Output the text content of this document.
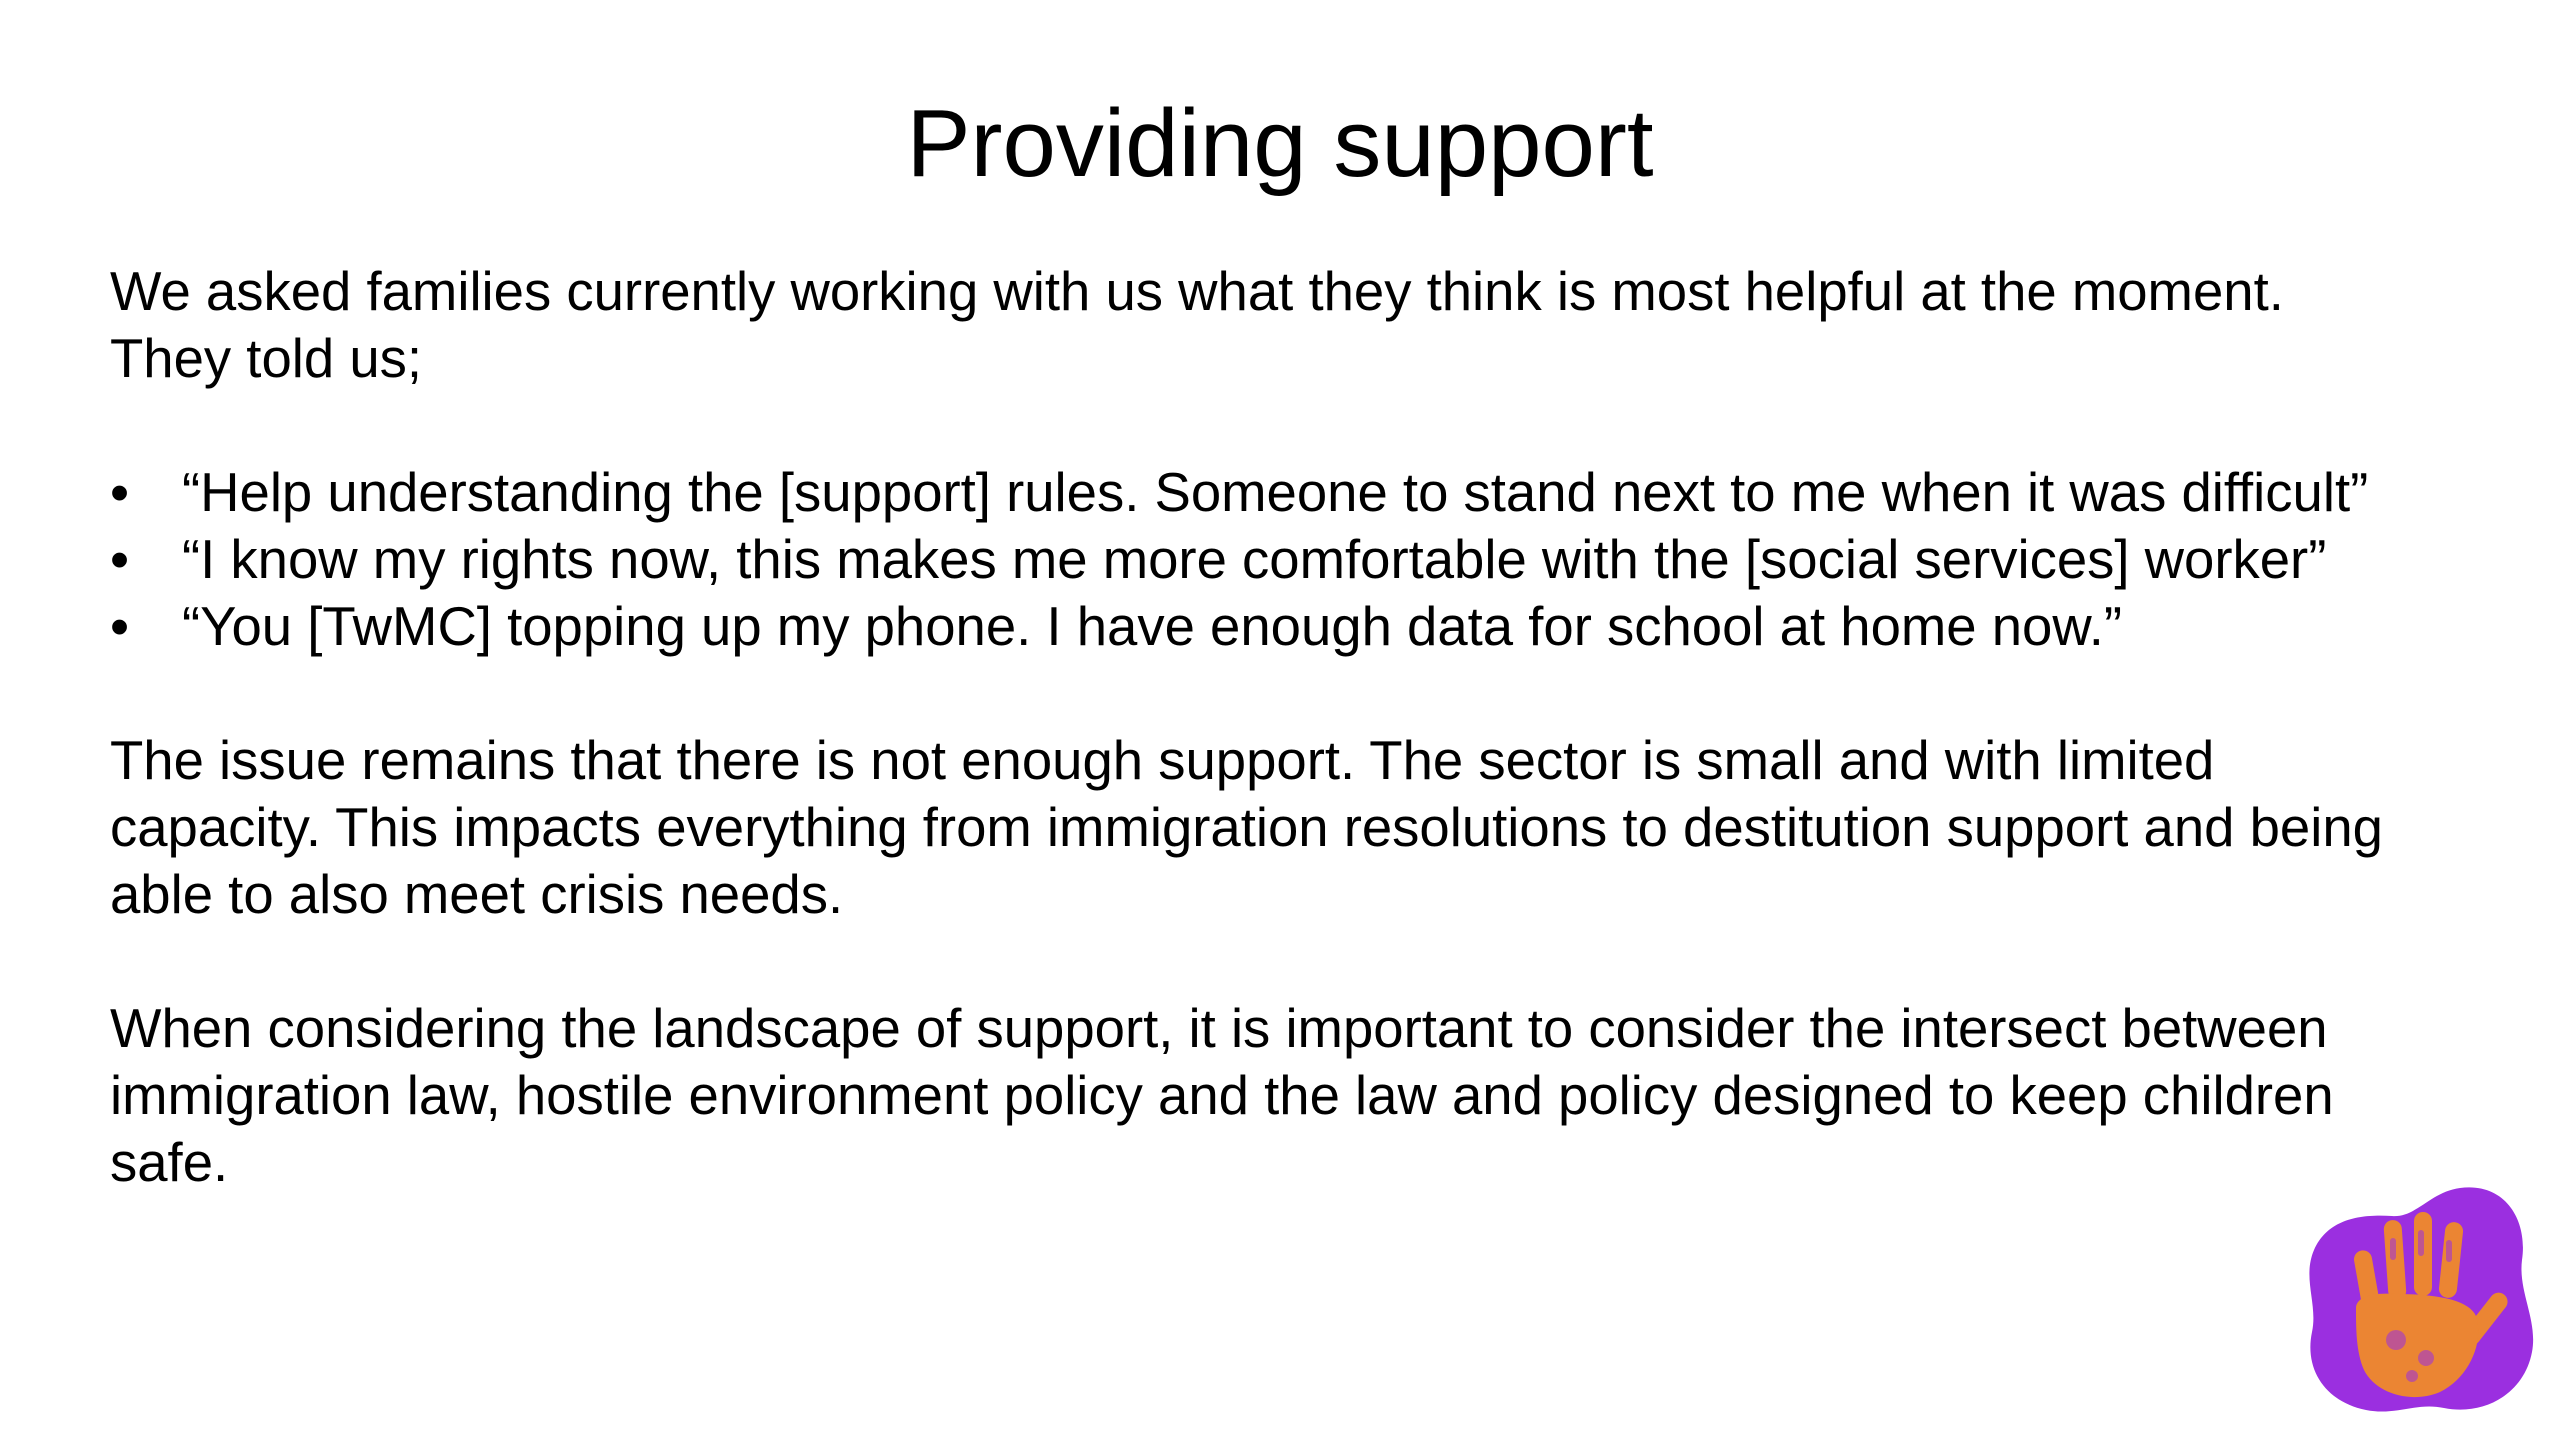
Providing support

We asked families currently working with us what they think is most helpful at the moment.
They told us;

• “Help understanding the [support] rules. Someone to stand next to me when it was difficult”
• “I know my rights now, this makes me more comfortable with the [social services] worker”
• “You [TwMC] topping up my phone. I have enough data for school at home now.”

The issue remains that there is not enough support. The sector is small and with limited
capacity. This impacts everything from immigration resolutions to destitution support and being
able to also meet crisis needs.

When considering the landscape of support, it is important to consider the intersect between
immigration law, hostile environment policy and the law and policy designed to keep children
safe.
